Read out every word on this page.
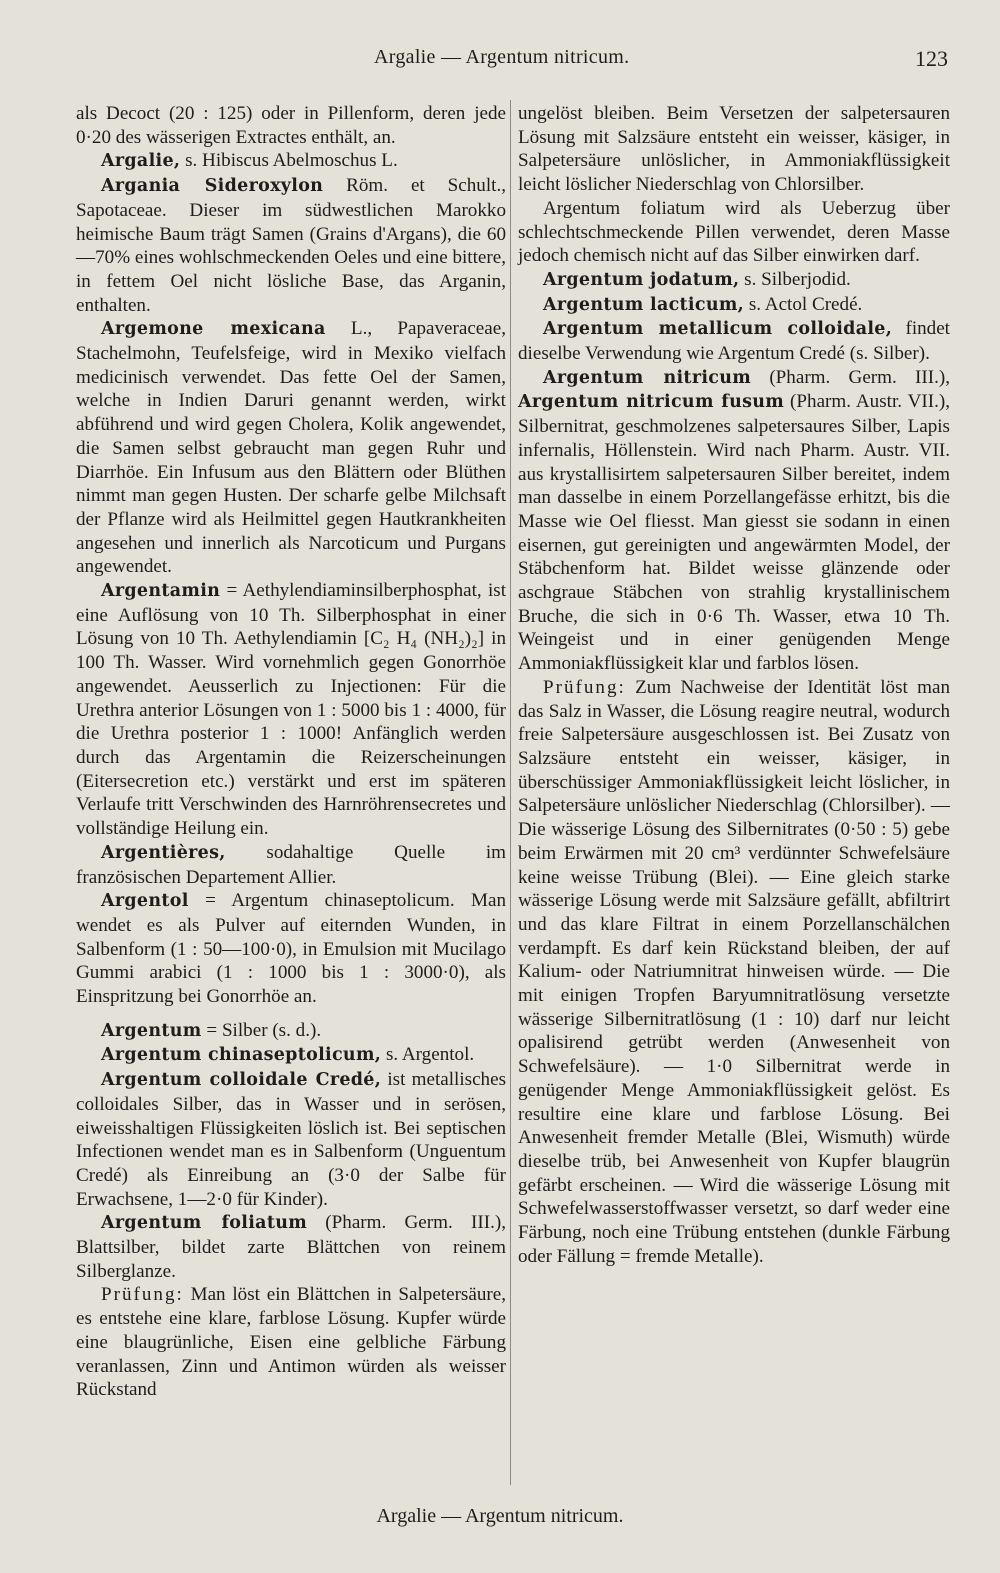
Argalie — Argentum nitricum.	123

als Decoct (20 : 125) oder in Pillenform, deren jede 0·20 des wässerigen Extractes enthält, an.

Argalie, s. Hibiscus Abelmoschus L.

Argania Sideroxylon Röm. et Schult., Sapotaceae. Dieser im südwestlichen Marokko heimische Baum trägt Samen (Grains d'Argans), die 60—70% eines wohlschmeckenden Oeles und eine bittere, in fettem Oel nicht lösliche Base, das Arganin, enthalten.

Argemone mexicana L., Papaveraceae, Stachelmohn, Teufelsfeige, wird in Mexiko vielfach medicinisch verwendet. Das fette Oel der Samen, welche in Indien Daruri genannt werden, wirkt abführend und wird gegen Cholera, Kolik angewendet, die Samen selbst gebraucht man gegen Ruhr und Diarrhöe. Ein Infusum aus den Blättern oder Blüthen nimmt man gegen Husten. Der scharfe gelbe Milchsaft der Pflanze wird als Heilmittel gegen Hautkrankheiten angesehen und innerlich als Narcoticum und Purgans angewendet.

Argentamin = Aethylendiaminsilberphosphat, ist eine Auflösung von 10 Th. Silberphosphat in einer Lösung von 10 Th. Aethylendiamin [C₂ H₄ (NH₂)₂] in 100 Th. Wasser. Wird vornehmlich gegen Gonorrhöe angewendet. Aeusserlich zu Injectionen: Für die Urethra anterior Lösungen von 1 : 5000 bis 1 : 4000, für die Urethra posterior 1 : 1000! Anfänglich werden durch das Argentamin die Reizerscheinungen (Eitersecretion etc.) verstärkt und erst im späteren Verlaufe tritt Verschwinden des Harnröhrensecretes und vollständige Heilung ein.

Argentières, sodahaltige Quelle im französischen Departement Allier.

Argentol = Argentum chinaseptolicum. Man wendet es als Pulver auf eiternden Wunden, in Salbenform (1 : 50—100·0), in Emulsion mit Mucilago Gummi arabici (1 : 1000 bis 1 : 3000·0), als Einspritzung bei Gonorrhöe an.

Argentum = Silber (s. d.).

Argentum chinaseptolicum, s. Argentol.

Argentum colloidale Credé, ist metallisches colloidales Silber, das in Wasser und in serösen, eiweisshaltigen Flüssigkeiten löslich ist. Bei septischen Infectionen wendet man es in Salbenform (Unguentum Credé) als Einreibung an (3·0 der Salbe für Erwachsene, 1—2·0 für Kinder).

Argentum foliatum (Pharm. Germ. III.), Blattsilber, bildet zarte Blättchen von reinem Silberglanze.

Prüfung: Man löst ein Blättchen in Salpetersäure, es entstehe eine klare, farblose Lösung. Kupfer würde eine blaugrünliche, Eisen eine gelbliche Färbung veranlassen, Zinn und Antimon würden als weisser Rückstand

ungelöst bleiben. Beim Versetzen der salpetersauren Lösung mit Salzsäure entsteht ein weisser, käsiger, in Salpetersäure unlöslicher, in Ammoniakflüssigkeit leicht löslicher Niederschlag von Chlorsilber.

Argentum foliatum wird als Ueberzug über schlechtschmeckende Pillen verwendet, deren Masse jedoch chemisch nicht auf das Silber einwirken darf.

Argentum jodatum, s. Silberjodid.

Argentum lacticum, s. Actol Credé.

Argentum metallicum colloidale, findet dieselbe Verwendung wie Argentum Credé (s. Silber).

Argentum nitricum (Pharm. Germ. III.), Argentum nitricum fusum (Pharm. Austr. VII.), Silbernitrat, geschmolzenes salpetersaures Silber, Lapis infernalis, Höllenstein. Wird nach Pharm. Austr. VII. aus krystallisirtem salpetersauren Silber bereitet, indem man dasselbe in einem Porzellangefässe erhitzt, bis die Masse wie Oel fliesst. Man giesst sie sodann in einen eisernen, gut gereinigten und angewärmten Model, der Stäbchenform hat. Bildet weisse glänzende oder aschgraue Stäbchen von strahlig krystallinischem Bruche, die sich in 0·6 Th. Wasser, etwa 10 Th. Weingeist und in einer genügenden Menge Ammoniakflüssigkeit klar und farblos lösen.

Prüfung: Zum Nachweise der Identität löst man das Salz in Wasser, die Lösung reagire neutral, wodurch freie Salpetersäure ausgeschlossen ist. Bei Zusatz von Salzsäure entsteht ein weisser, käsiger, in überschüssiger Ammoniakflüssigkeit leicht löslicher, in Salpetersäure unlöslicher Niederschlag (Chlorsilber). — Die wässerige Lösung des Silbernitrates (0·50 : 5) gebe beim Erwärmen mit 20 cm³ verdünnter Schwefelsäure keine weisse Trübung (Blei). — Eine gleich starke wässerige Lösung werde mit Salzsäure gefällt, abfiltrirt und das klare Filtrat in einem Porzellanschälchen verdampft. Es darf kein Rückstand bleiben, der auf Kalium- oder Natriumnitrat hinweisen würde. — Die mit einigen Tropfen Baryumnitratlösung versetzte wässerige Silbernitratlösung (1 : 10) darf nur leicht opalisirend getrübt werden (Anwesenheit von Schwefelsäure). — 1·0 Silbernitrat werde in genügender Menge Ammoniakflüssigkeit gelöst. Es resultire eine klare und farblose Lösung. Bei Anwesenheit fremder Metalle (Blei, Wismuth) würde dieselbe trüb, bei Anwesenheit von Kupfer blaugrün gefärbt erscheinen. — Wird die wässerige Lösung mit Schwefelwasserstoffwasser versetzt, so darf weder eine Färbung, noch eine Trübung entstehen (dunkle Färbung oder Fällung = fremde Metalle).

Argalie — Argentum nitricum.
